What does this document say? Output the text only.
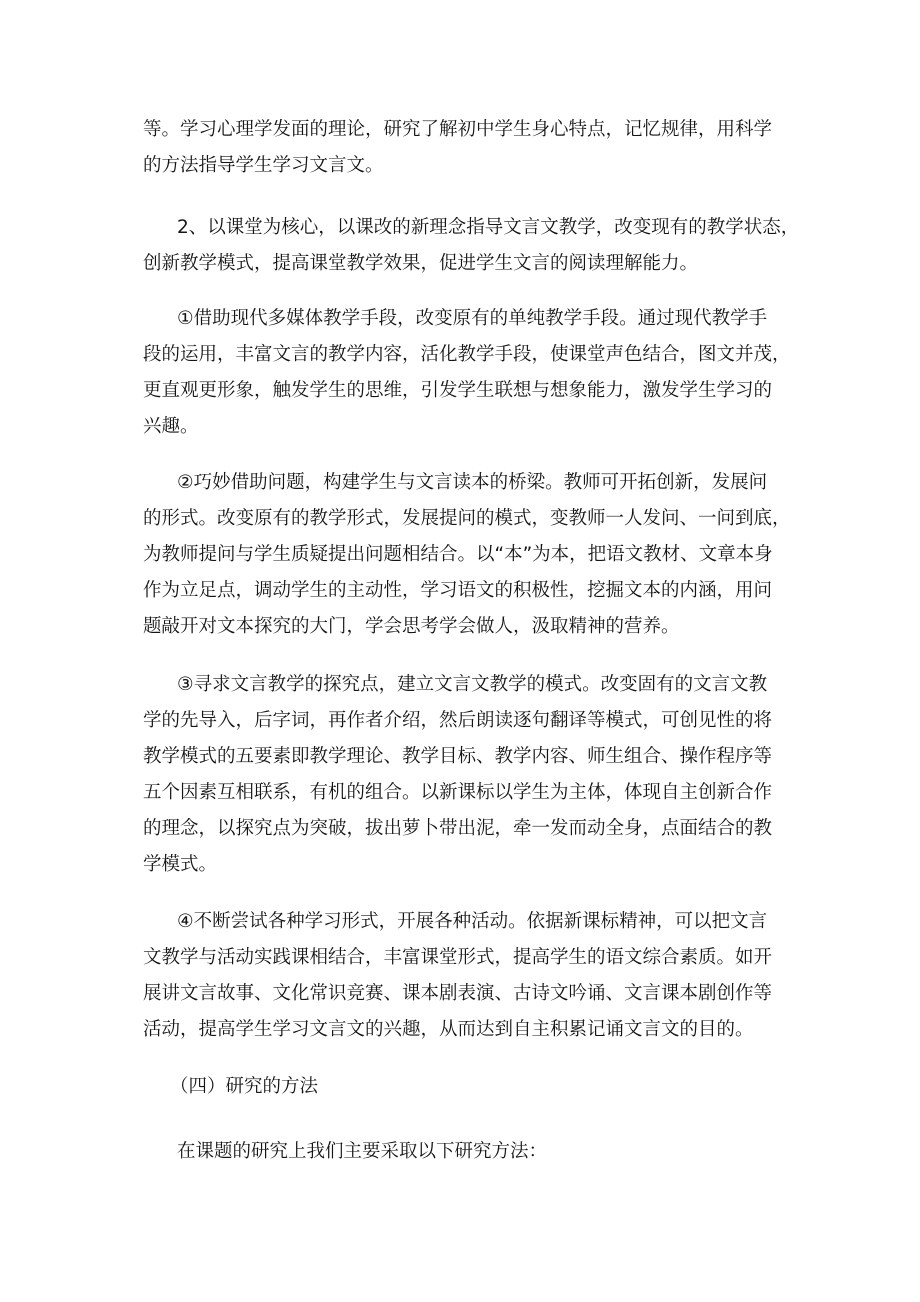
等。学习心理学发面的理论，研究了解初中学生身心特点，记忆规律，用科学
的方法指导学生学习文言文。
2、以课堂为核心，以课改的新理念指导文言文教学，改变现有的教学状态，
创新教学模式，提高课堂教学效果，促进学生文言的阅读理解能力。
①借助现代多媒体教学手段，改变原有的单纯教学手段。通过现代教学手
段的运用，丰富文言的教学内容，活化教学手段，使课堂声色结合，图文并茂，
更直观更形象，触发学生的思维，引发学生联想与想象能力，激发学生学习的
兴趣。
②巧妙借助问题，构建学生与文言读本的桥梁。教师可开拓创新，发展问
的形式。改变原有的教学形式，发展提问的模式，变教师一人发问、一问到底，
为教师提问与学生质疑提出问题相结合。以“本”为本，把语文教材、文章本身
作为立足点，调动学生的主动性，学习语文的积极性，挖掘文本的内涵，用问
题敲开对文本探究的大门，学会思考学会做人，汲取精神的营养。
③寻求文言教学的探究点，建立文言文教学的模式。改变固有的文言文教
学的先导入，后字词，再作者介绍，然后朗读逐句翻译等模式，可创见性的将
教学模式的五要素即教学理论、教学目标、教学内容、师生组合、操作程序等
五个因素互相联系，有机的组合。以新课标以学生为主体，体现自主创新合作
的理念，以探究点为突破，拔出萝卜带出泥，牵一发而动全身，点面结合的教
学模式。
④不断尝试各种学习形式，开展各种活动。依据新课标精神，可以把文言
文教学与活动实践课相结合，丰富课堂形式，提高学生的语文综合素质。如开
展讲文言故事、文化常识竞赛、课本剧表演、古诗文吟诵、文言课本剧创作等
活动，提高学生学习文言文的兴趣，从而达到自主积累记诵文言文的目的。
（四）研究的方法
在课题的研究上我们主要采取以下研究方法：
